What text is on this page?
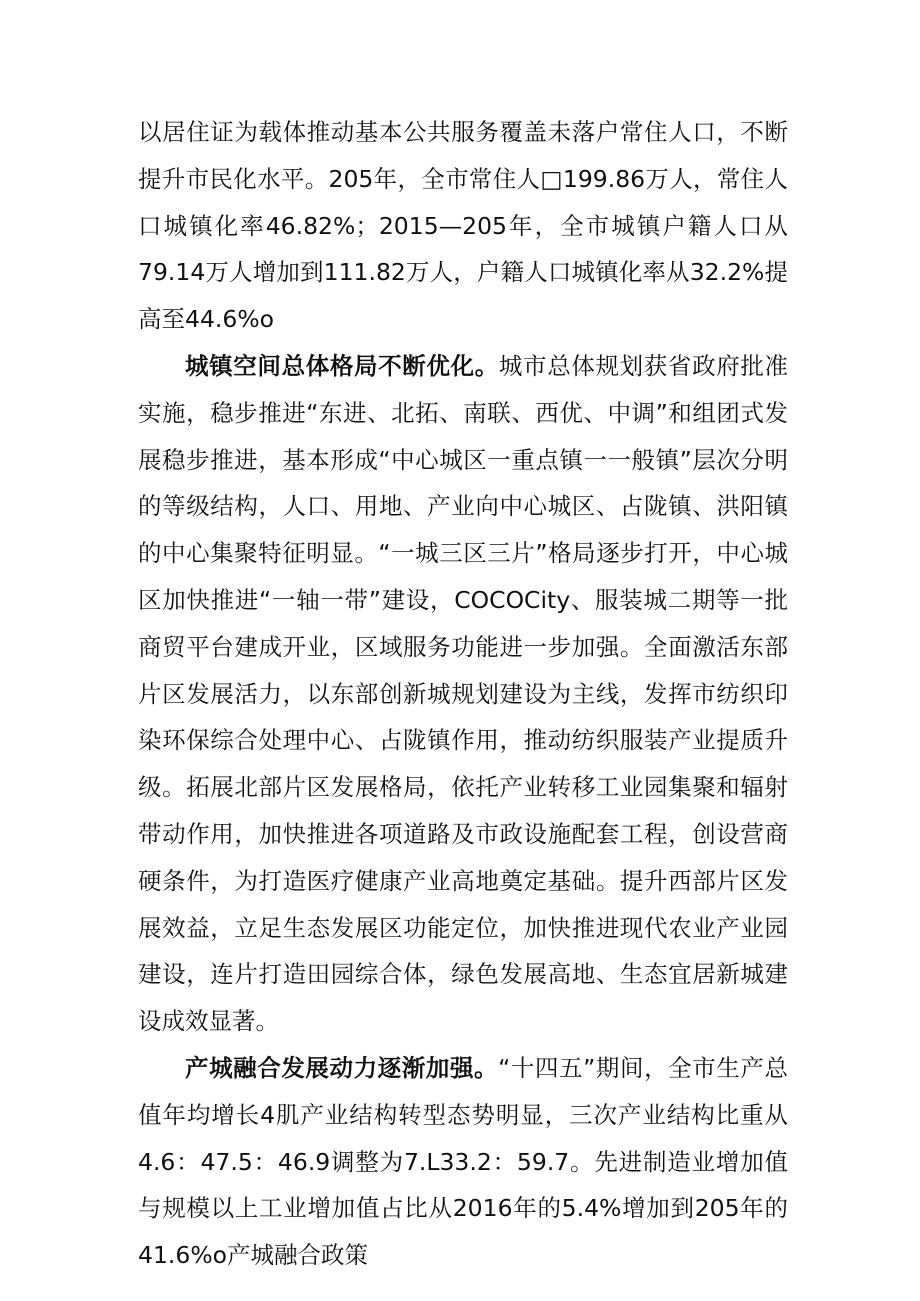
以居住证为载体推动基本公共服务覆盖未落户常住人口，不断提升市民化水平。205年，全市常住人□199.86万人，常住人口城镇化率46.82%；2015—205年，全市城镇户籍人口从79.14万人增加到111.82万人，户籍人口城镇化率从32.2%提高至44.6%o

城镇空间总体格局不断优化。城市总体规划获省政府批准实施，稳步推进“东进、北拓、南联、西优、中调”和组团式发展稳步推进，基本形成“中心城区一重点镇一一般镇”层次分明的等级结构，人口、用地、产业向中心城区、占陇镇、洪阳镇的中心集聚特征明显。“一城三区三片”格局逐步打开，中心城区加快推进“一轴一带”建设，COCOCity、服装城二期等一批商贸平台建成开业，区域服务功能进一步加强。全面激活东部片区发展活力，以东部创新城规划建设为主线，发挥市纺织印染环保综合处理中心、占陇镇作用，推动纺织服装产业提质升级。拓展北部片区发展格局，依托产业转移工业园集聚和辐射带动作用，加快推进各项道路及市政设施配套工程，创设营商硬条件，为打造医疗健康产业高地奠定基础。提升西部片区发展效益，立足生态发展区功能定位，加快推进现代农业产业园建设，连片打造田园综合体，绿色发展高地、生态宜居新城建设成效显著。

产城融合发展动力逐渐加强。“十四五”期间，全市生产总值年均增长4肌产业结构转型态势明显，三次产业结构比重从4.6：47.5：46.9调整为7.L33.2：59.7。先进制造业增加值与规模以上工业增加值占比从2016年的5.4%增加到205年的41.6%o产城融合政策
